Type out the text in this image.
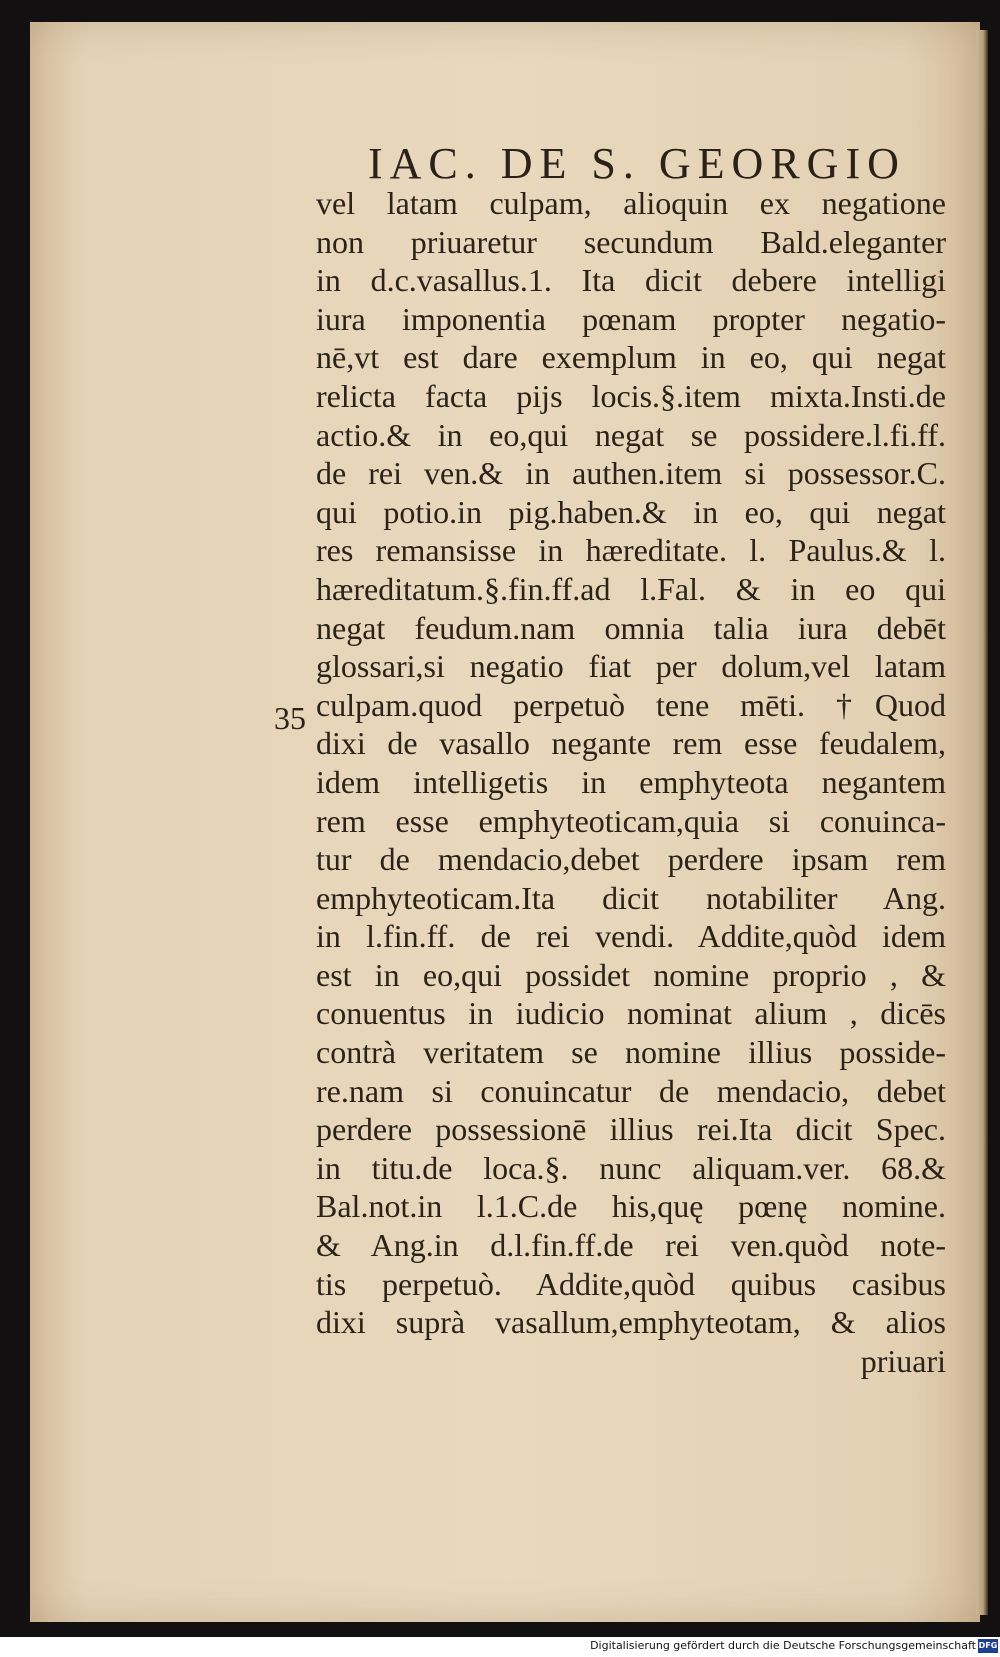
IAC. DE S. GEORGIO
35
vel latam culpam, alioquin ex negatione
non priuaretur secundum Bald.eleganter
in d.c.vasallus.1. Ita dicit debere intelligi
iura imponentia pœnam propter negatio-
nē,vt est dare exemplum in eo, qui negat
relicta facta pijs locis.§.item mixta.Insti.de
actio.& in eo,qui negat se possidere.l.fi.ff.
de rei ven.& in authen.item si possessor.C.
qui potio.in pig.haben.& in eo, qui negat
res remansisse in hæreditate. l. Paulus.& l.
hæreditatum.§.fin.ff.ad l.Fal. & in eo qui
negat feudum.nam omnia talia iura debēt
glossari,si negatio fiat per dolum,vel latam
culpam.quod perpetuò tene mēti. †Quod
dixi de vasallo negante rem esse feudalem,
idem intelligetis in emphyteota negantem
rem esse emphyteoticam,quia si conuinca-
tur de mendacio,debet perdere ipsam rem
emphyteoticam.Ita dicit notabiliter Ang.
in l.fin.ff. de rei vendi. Addite,quòd idem
est in eo,qui possidet nomine proprio , &
conuentus in iudicio nominat alium , dicēs
contrà veritatem se nomine illius posside-
re.nam si conuincatur de mendacio, debet
perdere possessionē illius rei.Ita dicit Spec.
in titu.de loca.§. nunc aliquam.ver. 68.&
Bal.not.in l.1.C.de his,quę pœnę nomine.
& Ang.in d.l.fin.ff.de rei ven.quòd note-
tis perpetuò. Addite,quòd quibus casibus
dixi suprà vasallum,emphyteotam, & alios
priuari
Digitalisierung gefördert durch die Deutsche Forschungsgemeinschaft DFG
